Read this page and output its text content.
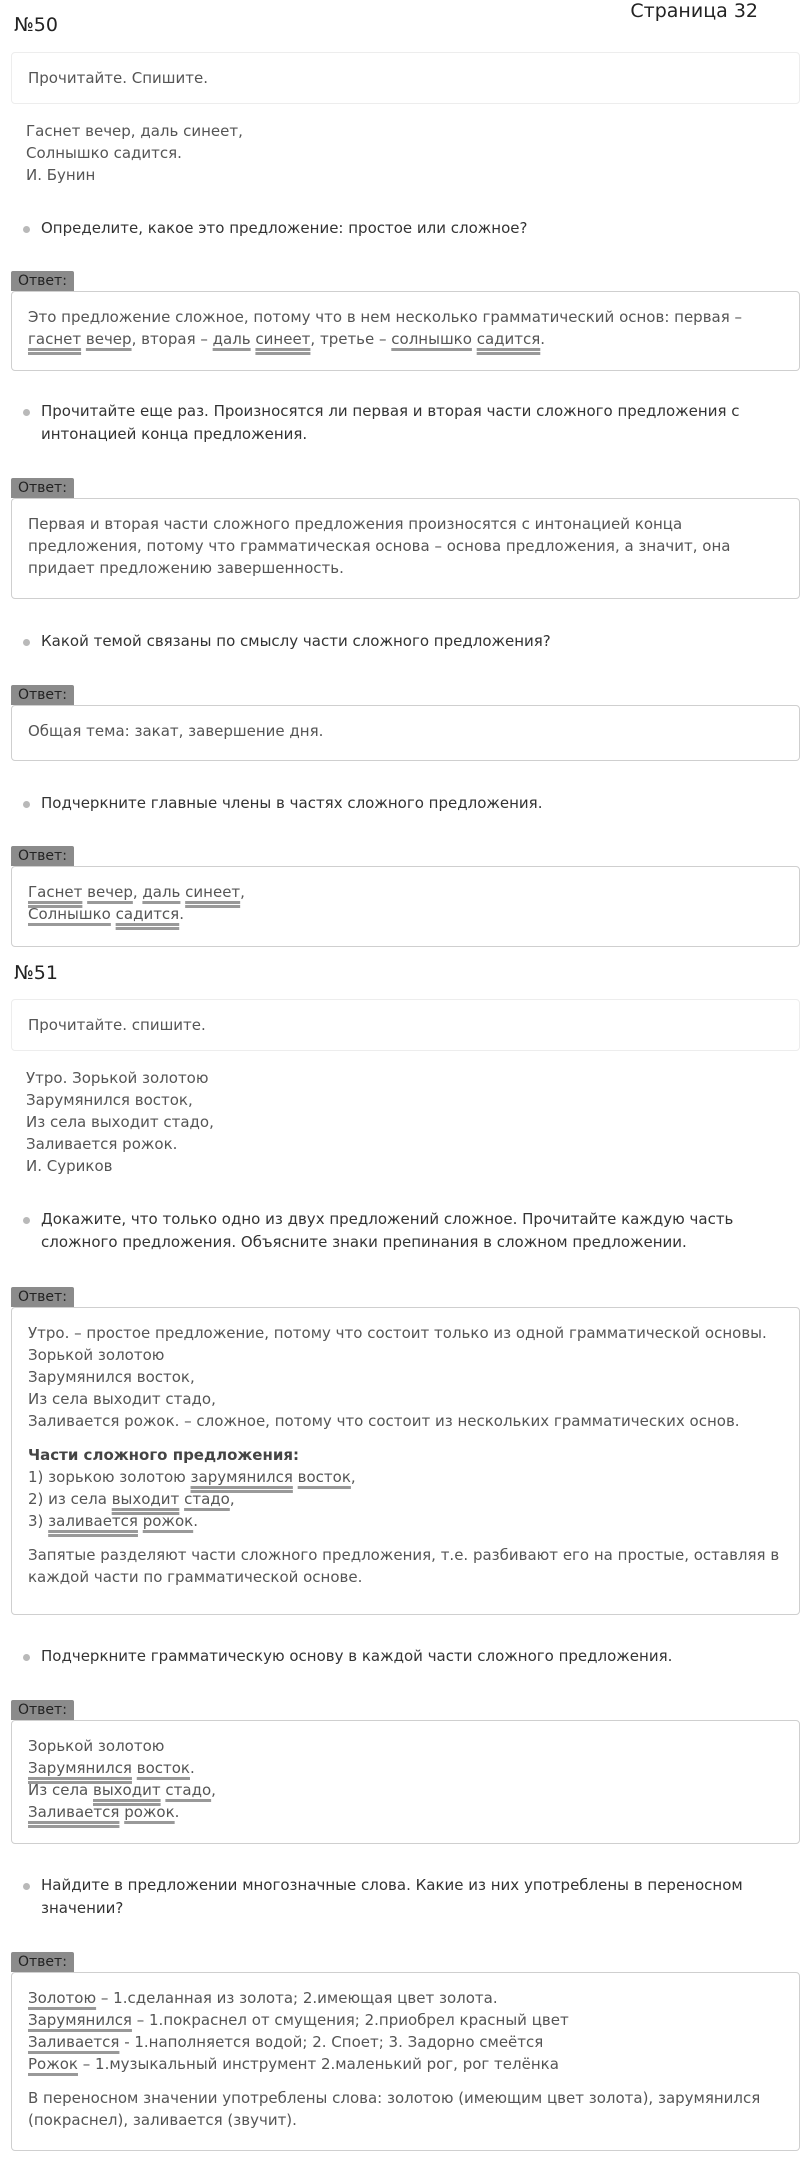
Страница 32
№50
Прочитайте. Спишите.
Гаснет вечер, даль синеет,
Солнышко садится.
И. Бунин
Определите, какое это предложение: простое или сложное?
Ответ:
Это предложение сложное, потому что в нем несколько грамматический основ: первая – гаснет вечер, вторая – даль синеет, третье – солнышко садится.
Прочитайте еще раз. Произносятся ли первая и вторая части сложного предложения с интонацией конца предложения.
Ответ:
Первая и вторая части сложного предложения произносятся с интонацией конца предложения, потому что грамматическая основа – основа предложения, а значит, она придает предложению завершенность.
Какой темой связаны по смыслу части сложного предложения?
Ответ:
Общая тема: закат, завершение дня.
Подчеркните главные члены в частях сложного предложения.
Ответ:
Гаснет вечер, даль синеет,
Солнышко садится.
№51
Прочитайте. спишите.
Утро. Зорькой золотою
Зарумянился восток,
Из села выходит стадо,
Заливается рожок.
И. Суриков
Докажите, что только одно из двух предложений сложное. Прочитайте каждую часть сложного предложения. Объясните знаки препинания в сложном предложении.
Ответ:
Утро. – простое предложение, потому что состоит только из одной грамматической основы.
Зорькой золотою
Зарумянился восток,
Из села выходит стадо,
Заливается рожок. – сложное, потому что состоит из нескольких грамматических основ.
Части сложного предложения:
1) зорькою золотою зарумянился восток,
2) из села выходит стадо,
3) заливается рожок.
Запятые разделяют части сложного предложения, т.е. разбивают его на простые, оставляя в каждой части по грамматической основе.
Подчеркните грамматическую основу в каждой части сложного предложения.
Ответ:
Зорькой золотою
Зарумянился восток.
Из села выходит стадо,
Заливается рожок.
Найдите в предложении многозначные слова. Какие из них употреблены в переносном значении?
Ответ:
Золотою – 1.сделанная из золота; 2.имеющая цвет золота.
Зарумянился – 1.покраснел от смущения; 2.приобрел красный цвет
Заливается - 1.наполняется водой; 2. Споет; 3. Задорно смеётся
Рожок – 1.музыкальный инструмент 2.маленький рог, рог телёнка
В переносном значении употреблены слова: золотою (имеющим цвет золота), зарумянился (покраснел), заливается (звучит).
